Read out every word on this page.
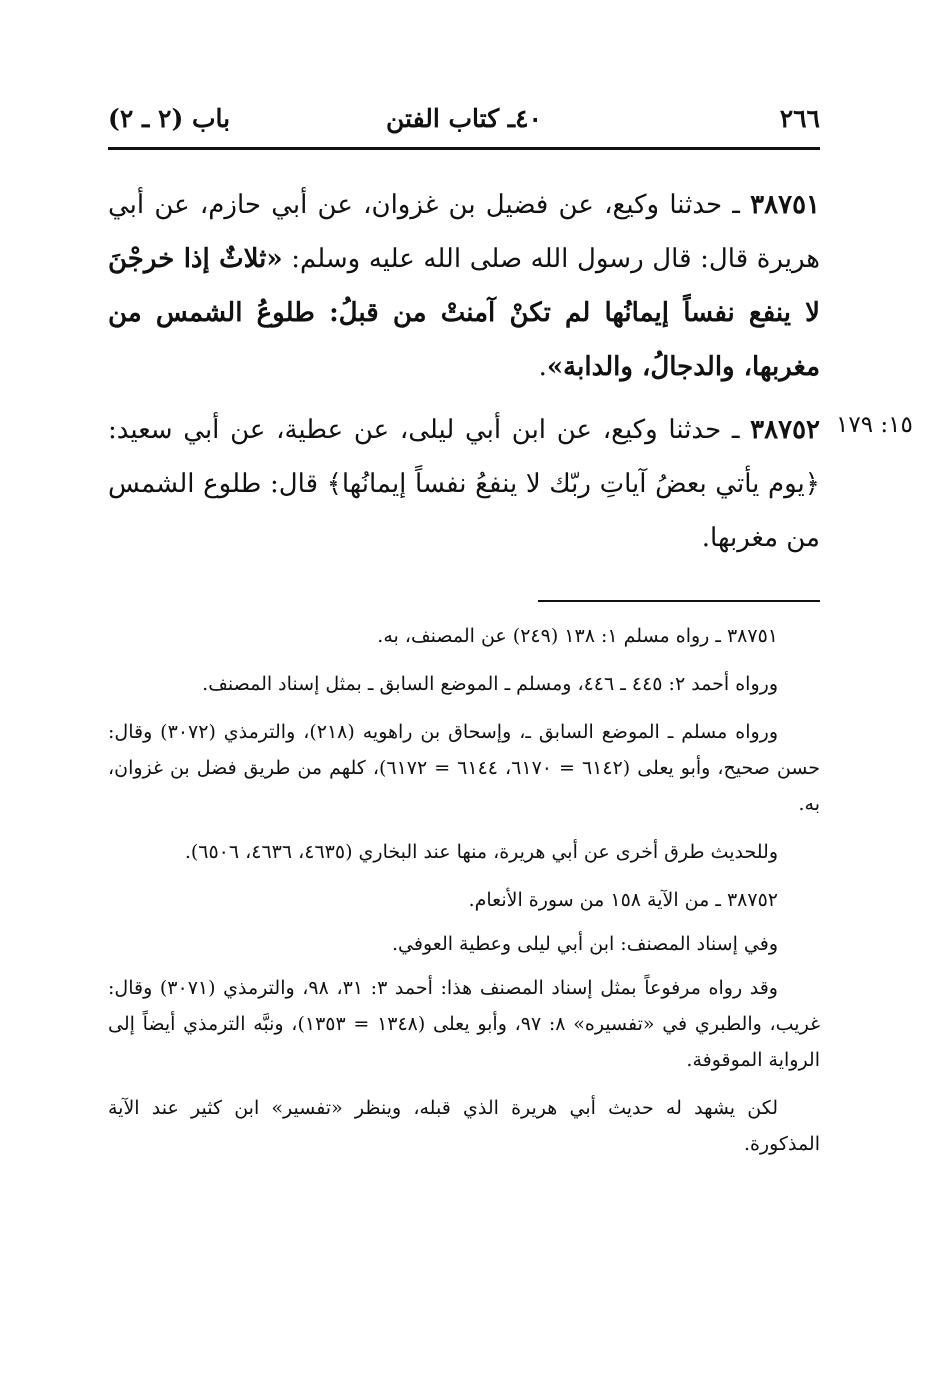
٢٦٦
٤٠ـ كتاب الفتن
باب (٢ ـ ٢)
٣٨٧٥١ ـ حدثنا وكيع، عن فضيل بن غزوان، عن أبي حازم، عن أبي هريرة قال: قال رسول الله صلى الله عليه وسلم: «ثلاثٌ إذا خرجْنَ لا ينفع نفساً إيمانُها لم تكنْ آمنتْ من قبلُ: طلوعُ الشمس من مغربها، والدجالُ، والدابة».
١٥: ١٧٩
٣٨٧٥٢ ـ حدثنا وكيع، عن ابن أبي ليلى، عن عطية، عن أبي سعيد: ﴿يوم يأتي بعضُ آياتِ ربّك لا ينفعُ نفساً إيمانُها﴾ قال: طلوع الشمس من مغربها.

٣٨٧٥١ ـ رواه مسلم ١: ١٣٨ (٢٤٩) عن المصنف، به.

ورواه أحمد ٢: ٤٤٥ ـ ٤٤٦، ومسلم ـ الموضع السابق ـ بمثل إسناد المصنف.

ورواه مسلم ـ الموضع السابق ـ، وإسحاق بن راهويه (٢١٨)، والترمذي (٣٠٧٢) وقال: حسن صحيح، وأبو يعلى (٦١٤٢ = ٦١٧٠، ٦١٤٤ = ٦١٧٢)، كلهم من طريق فضل بن غزوان، به.

وللحديث طرق أخرى عن أبي هريرة، منها عند البخاري (٤٦٣٥، ٤٦٣٦، ٦٥٠٦).

٣٨٧٥٢ ـ من الآية ١٥٨ من سورة الأنعام.

وفي إسناد المصنف: ابن أبي ليلى وعطية العوفي.

وقد رواه مرفوعاً بمثل إسناد المصنف هذا: أحمد ٣: ٣١، ٩٨، والترمذي (٣٠٧١) وقال: غريب، والطبري في «تفسيره» ٨: ٩٧، وأبو يعلى (١٣٤٨ = ١٣٥٣)، ونبَّه الترمذي أيضاً إلى الرواية الموقوفة.

لكن يشهد له حديث أبي هريرة الذي قبله، وينظر «تفسير» ابن كثير عند الآية المذكورة.
